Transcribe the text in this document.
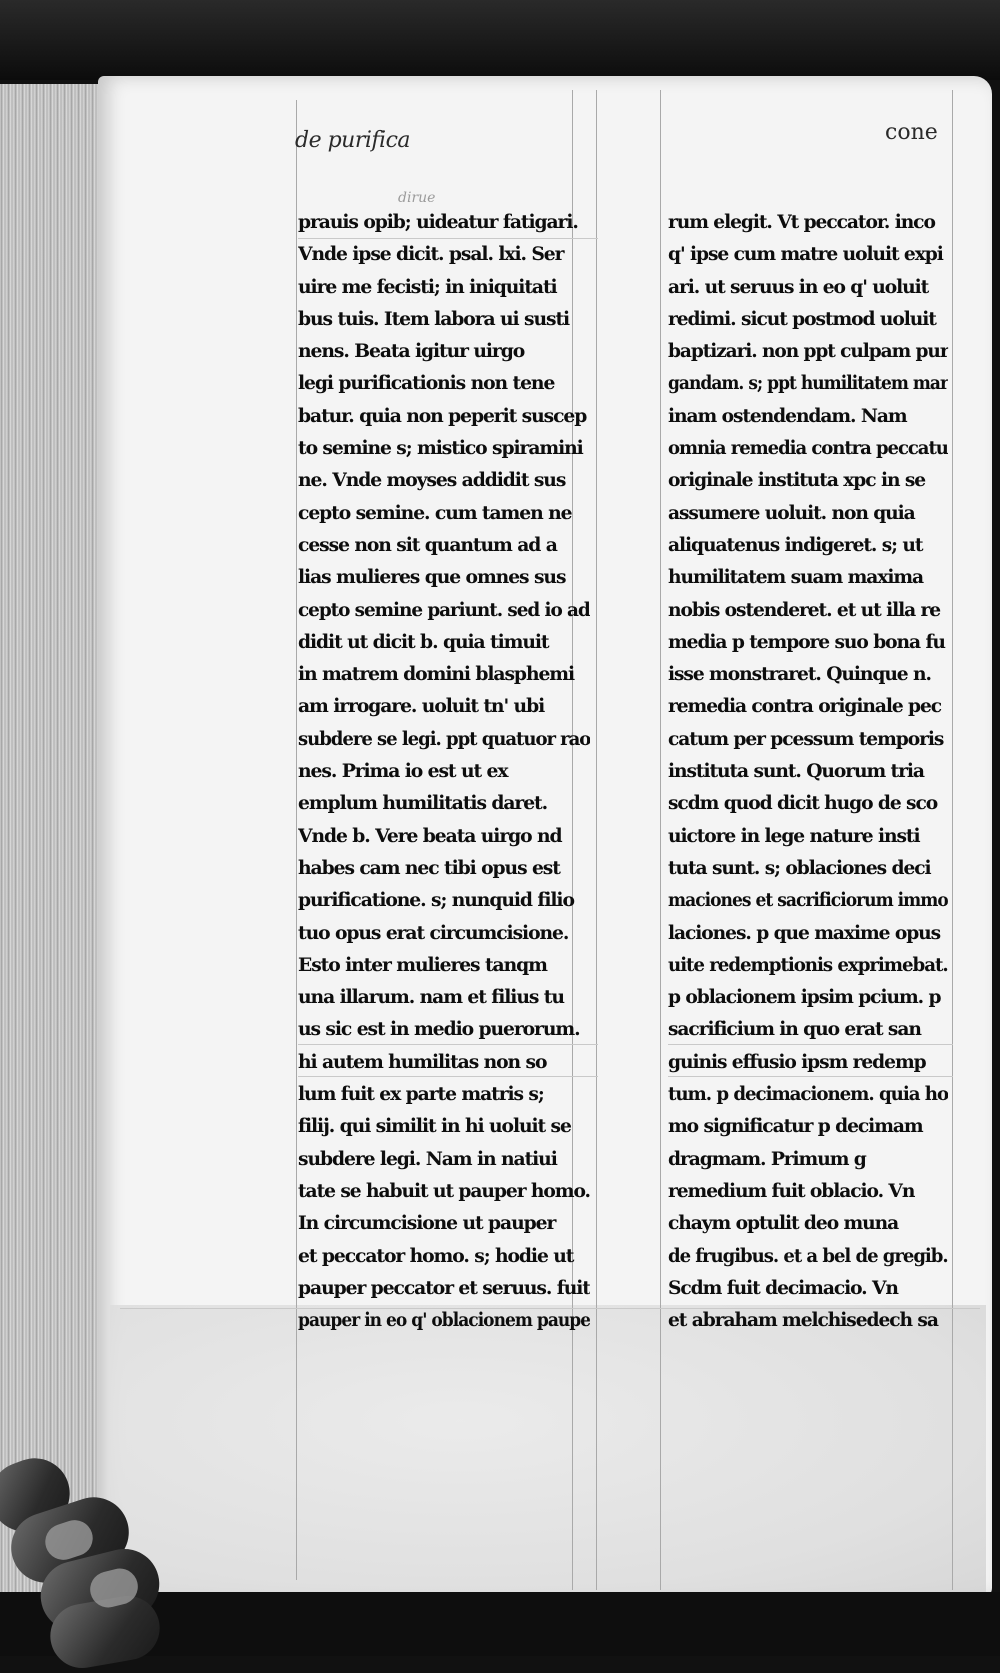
de purifica	cone
dirue
prauis opib; uideatur fatigari.
Vnde ipse dicit. psal. lxi. Ser
uire me fecisti; in iniquitati
bus tuis. Item labora ui susti
nens. Beata igitur uirgo
legi purificationis non tene
batur. quia non peperit suscep
to semine s; mistico spiramini
ne. Vnde moyses addidit sus
cepto semine. cum tamen ne
cesse non sit quantum ad a
lias mulieres que omnes sus
cepto semine pariunt. sed io ad
didit ut dicit b. quia timuit
in matrem domini blasphemi
am irrogare. uoluit tn' ubi
subdere se legi. ppt quatuor rao
nes. Prima io est ut ex
emplum humilitatis daret.
Vnde b. Vere beata uirgo nd
habes cam nec tibi opus est
purificatione. s; nunquid filio
tuo opus erat circumcisione.
Esto inter mulieres tanqm
una illarum. nam et filius tu
us sic est in medio puerorum.
hi autem humilitas non so
lum fuit ex parte matris s;
filij. qui similit in hi uoluit se
subdere legi. Nam in natiui
tate se habuit ut pauper homo.
In circumcisione ut pauper
et peccator homo. s; hodie ut
pauper peccator et seruus. fuit
pauper in eo q' oblacionem paupe
rum elegit. Vt peccator. inco
q' ipse cum matre uoluit expi
ari. ut seruus in eo q' uoluit
redimi. sicut postmod uoluit
baptizari. non ppt culpam pur
gandam. s; ppt humilitatem mar
inam ostendendam. Nam
omnia remedia contra peccatu
originale instituta xpc in se
assumere uoluit. non quia
aliquatenus indigeret. s; ut
humilitatem suam maxima
nobis ostenderet. et ut illa re
media p tempore suo bona fu
isse monstraret. Quinque n.
remedia contra originale pec
catum per pcessum temporis
instituta sunt. Quorum tria
scdm quod dicit hugo de sco
uictore in lege nature insti
tuta sunt. s; oblaciones deci
maciones et sacrificiorum immo
laciones. p que maxime opus
uite redemptionis exprimebat.
p oblacionem ipsim pcium. p
sacrificium in quo erat san
guinis effusio ipsm redemp
tum. p decimacionem. quia ho
mo significatur p decimam
dragmam. Primum g
remedium fuit oblacio. Vn
chaym optulit deo muna
de frugibus. et a bel de gregib.
Scdm fuit decimacio. Vn
et abraham melchisedech sa
